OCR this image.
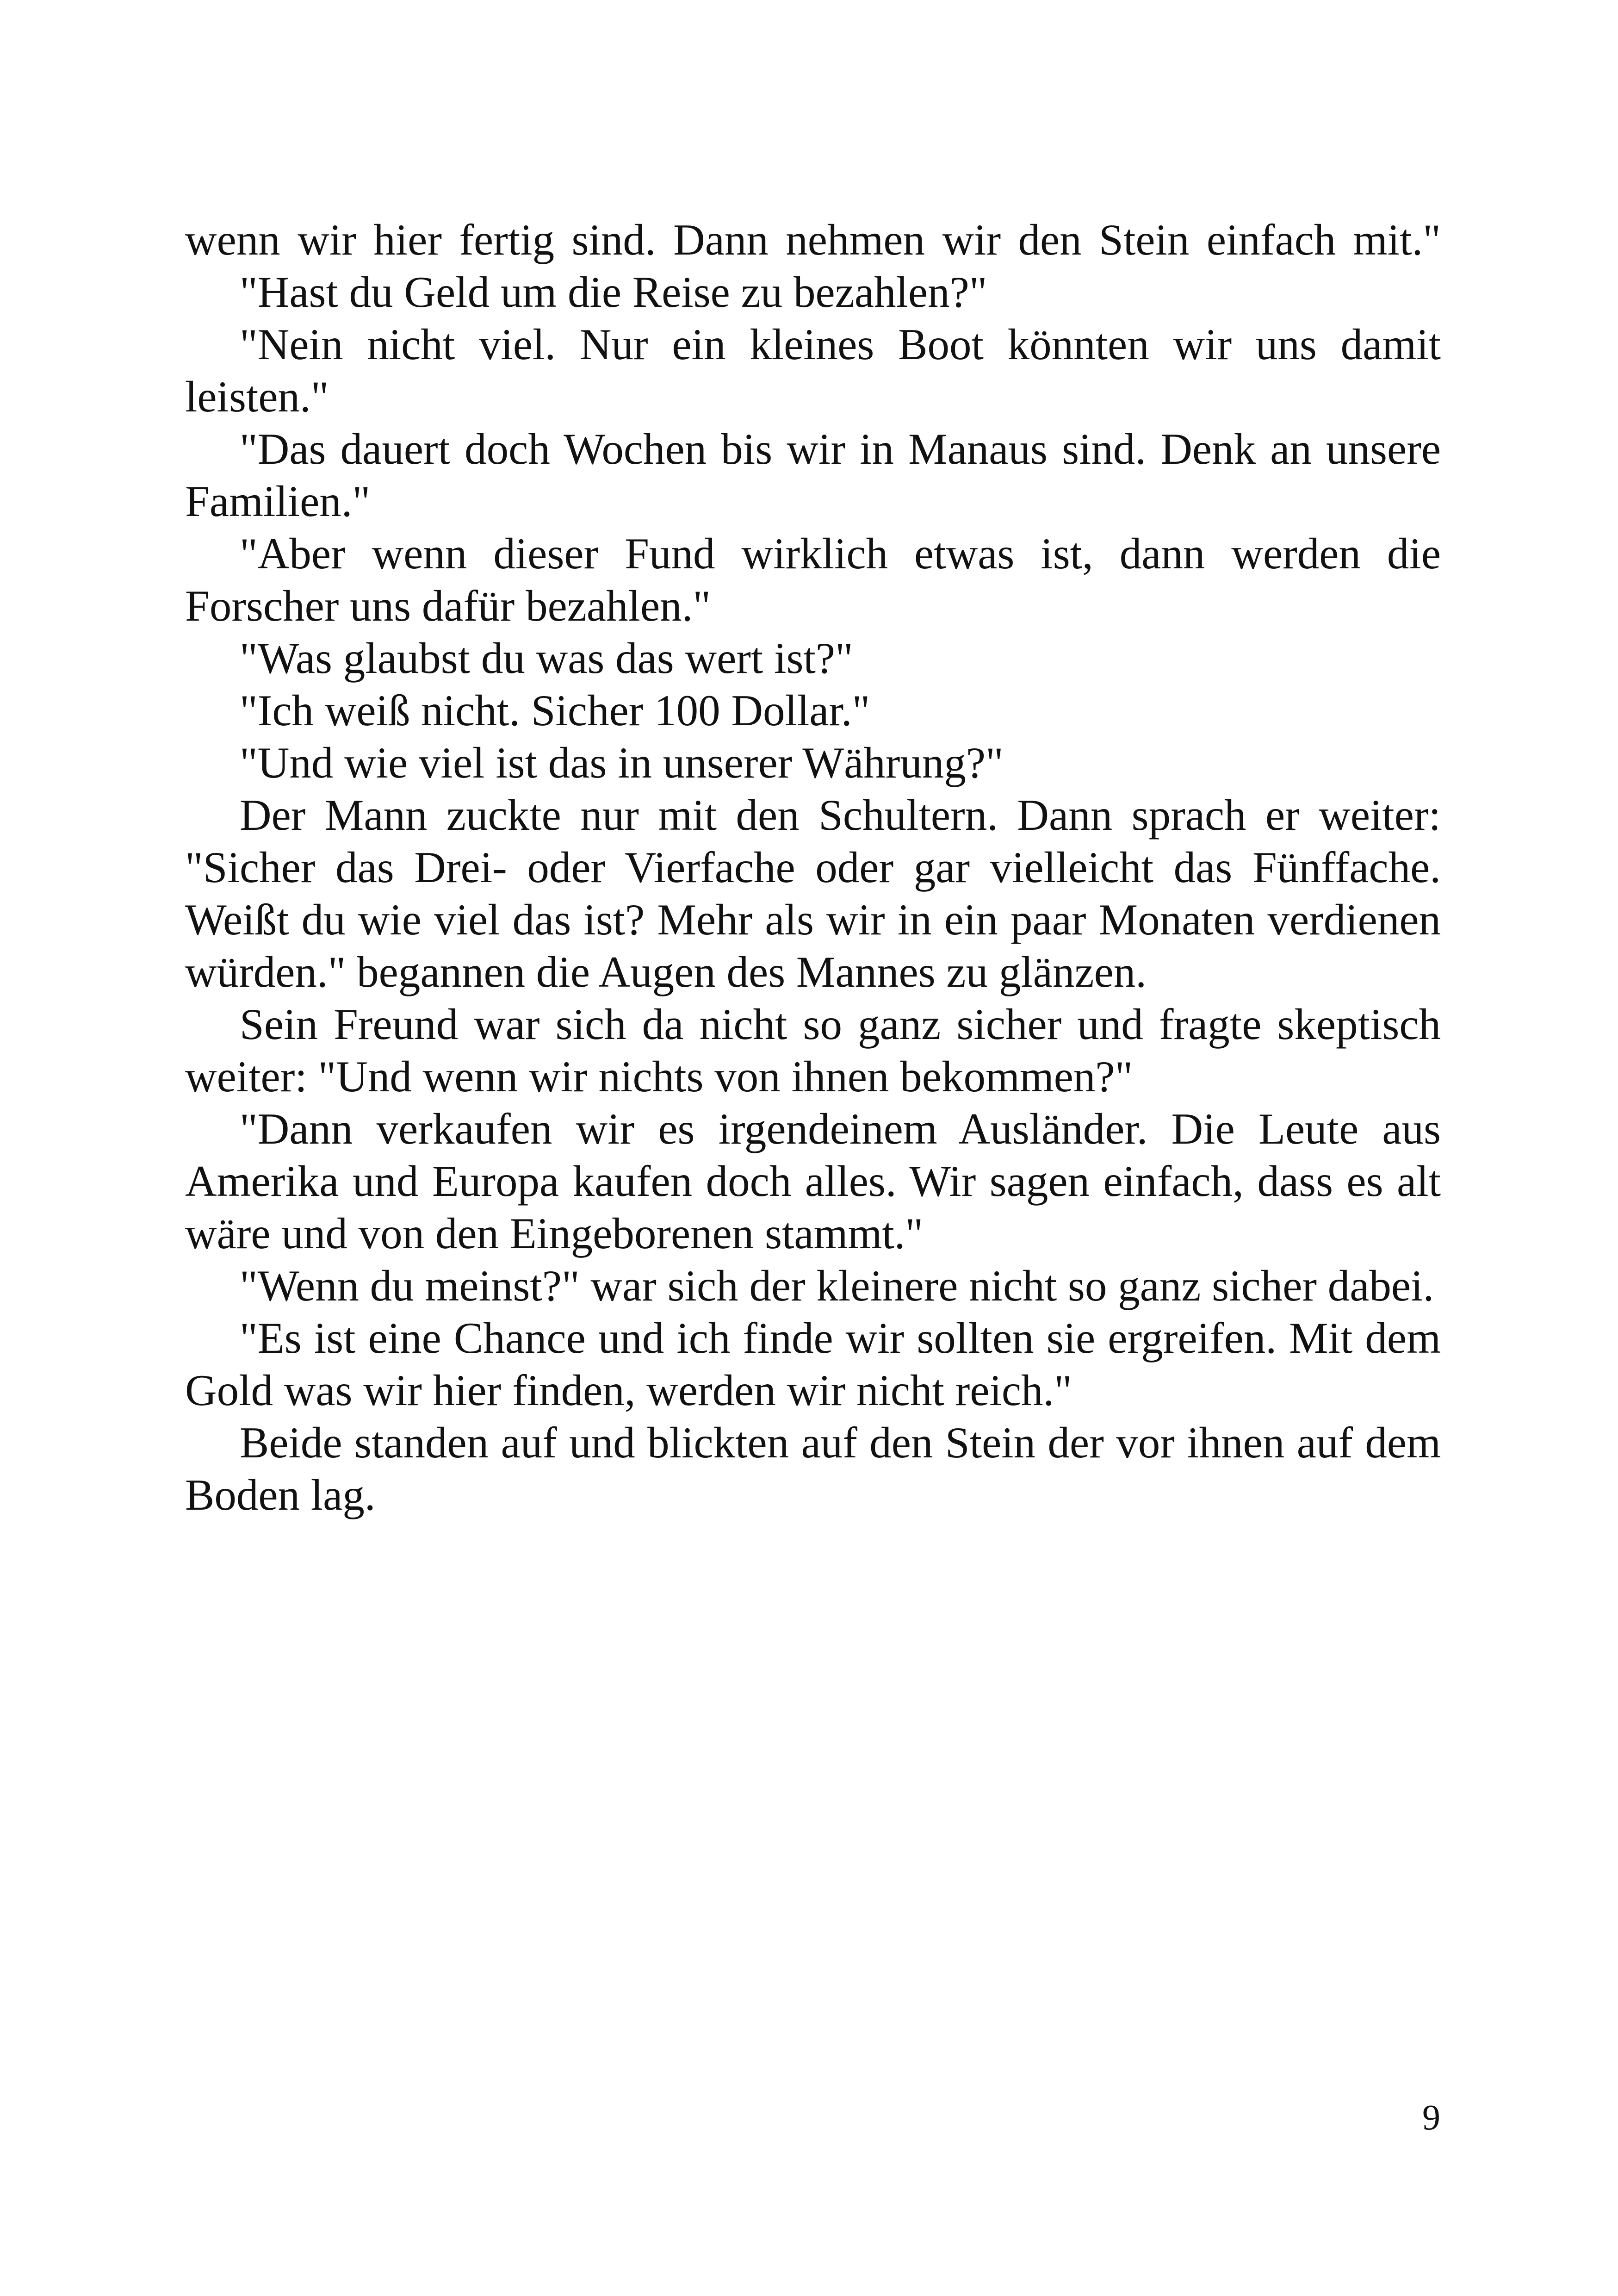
wenn wir hier fertig sind. Dann nehmen wir den Stein einfach mit."

"Hast du Geld um die Reise zu bezahlen?"

"Nein nicht viel. Nur ein kleines Boot könnten wir uns damit leisten."

"Das dauert doch Wochen bis wir in Manaus sind. Denk an unsere Familien."

"Aber wenn dieser Fund wirklich etwas ist, dann werden die Forscher uns dafür bezahlen."

"Was glaubst du was das wert ist?"

"Ich weiß nicht. Sicher 100 Dollar."

"Und wie viel ist das in unserer Währung?"

Der Mann zuckte nur mit den Schultern. Dann sprach er weiter: "Sicher das Drei- oder Vierfache oder gar vielleicht das Fünffache. Weißt du wie viel das ist? Mehr als wir in ein paar Monaten verdienen würden." begannen die Augen des Mannes zu glänzen.

Sein Freund war sich da nicht so ganz sicher und fragte skeptisch weiter: "Und wenn wir nichts von ihnen bekommen?"

"Dann verkaufen wir es irgendeinem Ausländer. Die Leute aus Amerika und Europa kaufen doch alles. Wir sagen einfach, dass es alt wäre und von den Eingeborenen stammt."

"Wenn du meinst?" war sich der kleinere nicht so ganz sicher dabei.

"Es ist eine Chance und ich finde wir sollten sie ergreifen. Mit dem Gold was wir hier finden, werden wir nicht reich."

Beide standen auf und blickten auf den Stein der vor ihnen auf dem Boden lag.

9
